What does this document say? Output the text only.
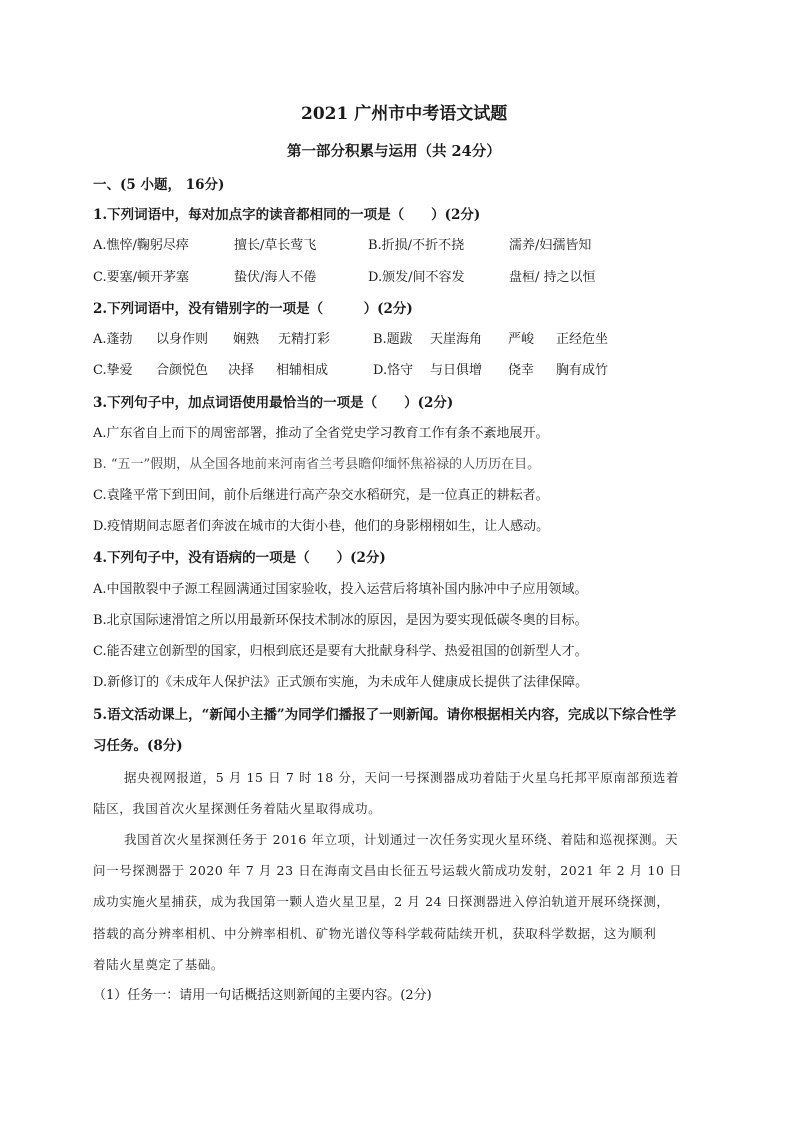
2021 广州市中考语文试题
第一部分积累与运用（共 24分）
一、(5 小题， 16分)
1.下列词语中，每对加点字的读音都相同的一项是（　　）(2分)
A.憔悴/鞠躬尽瘁	擅长/草长莺飞	B.折损/不折不挠	濡养/妇孺皆知
C.要塞/顿开茅塞	蛰伏/海人不倦	D.颁发/间不容发	盘桓/ 持之以恒
2.下列词语中，没有错别字的一项是（　　　）(2分)
A.蓬勃 以身作则 娴熟 无精打彩	B.题跋 天崖海角 严峻 正经危坐
C.挚爱 合颜悦色 决择 相辅相成	D.恪守 与日俱增 侥幸 胸有成竹
3.下列句子中，加点词语使用最恰当的一项是（　　）(2分)
A.广东省自上而下的周密部署，推动了全省党史学习教育工作有条不紊地展开。
B. “五一”假期，从全国各地前来河南省兰考县瞻仰缅怀焦裕禄的人历历在目。
C.袁隆平常下到田间，前仆后继进行高产杂交水稻研究，是一位真正的耕耘者。
D.疫情期间志愿者们奔波在城市的大街小巷，他们的身影栩栩如生，让人感动。
4.下列句子中，没有语病的一项是（　　）(2分)
A.中国散裂中子源工程圆满通过国家验收，投入运营后将填补国内脉冲中子应用领域。
B.北京国际速滑馆之所以用最新环保技术制冰的原因，是因为要实现低碳冬奥的目标。
C.能否建立创新型的国家，归根到底还是要有大批献身科学、热爱祖国的创新型人才。
D.新修订的《未成年人保护法》正式颁布实施，为未成年人健康成长提供了法律保障。
5.语文活动课上，“新闻小主播”为同学们播报了一则新闻。请你根据相关内容，完成以下综合性学
习任务。(8分)
据央视网报道，5 月 15 日 7 时 18 分，天问一号探测器成功着陆于火星乌托邦平原南部预选着
陆区，我国首次火星探测任务着陆火星取得成功。
我国首次火星探测任务于 2016 年立项，计划通过一次任务实现火星环绕、着陆和巡视探测。天
问一号探测器于 2020 年 7 月 23 日在海南文昌由长征五号运载火箭成功发射，2021 年 2 月 10 日
成功实施火星捕获，成为我国第一颗人造火星卫星，2 月 24 日探测器进入停泊轨道开展环绕探测，
搭载的高分辨率相机、中分辨率相机、矿物光谱仪等科学载荷陆续开机，获取科学数据，这为顺利
着陆火星奠定了基础。
（1）任务一：请用一句话概括这则新闻的主要内容。(2分)
